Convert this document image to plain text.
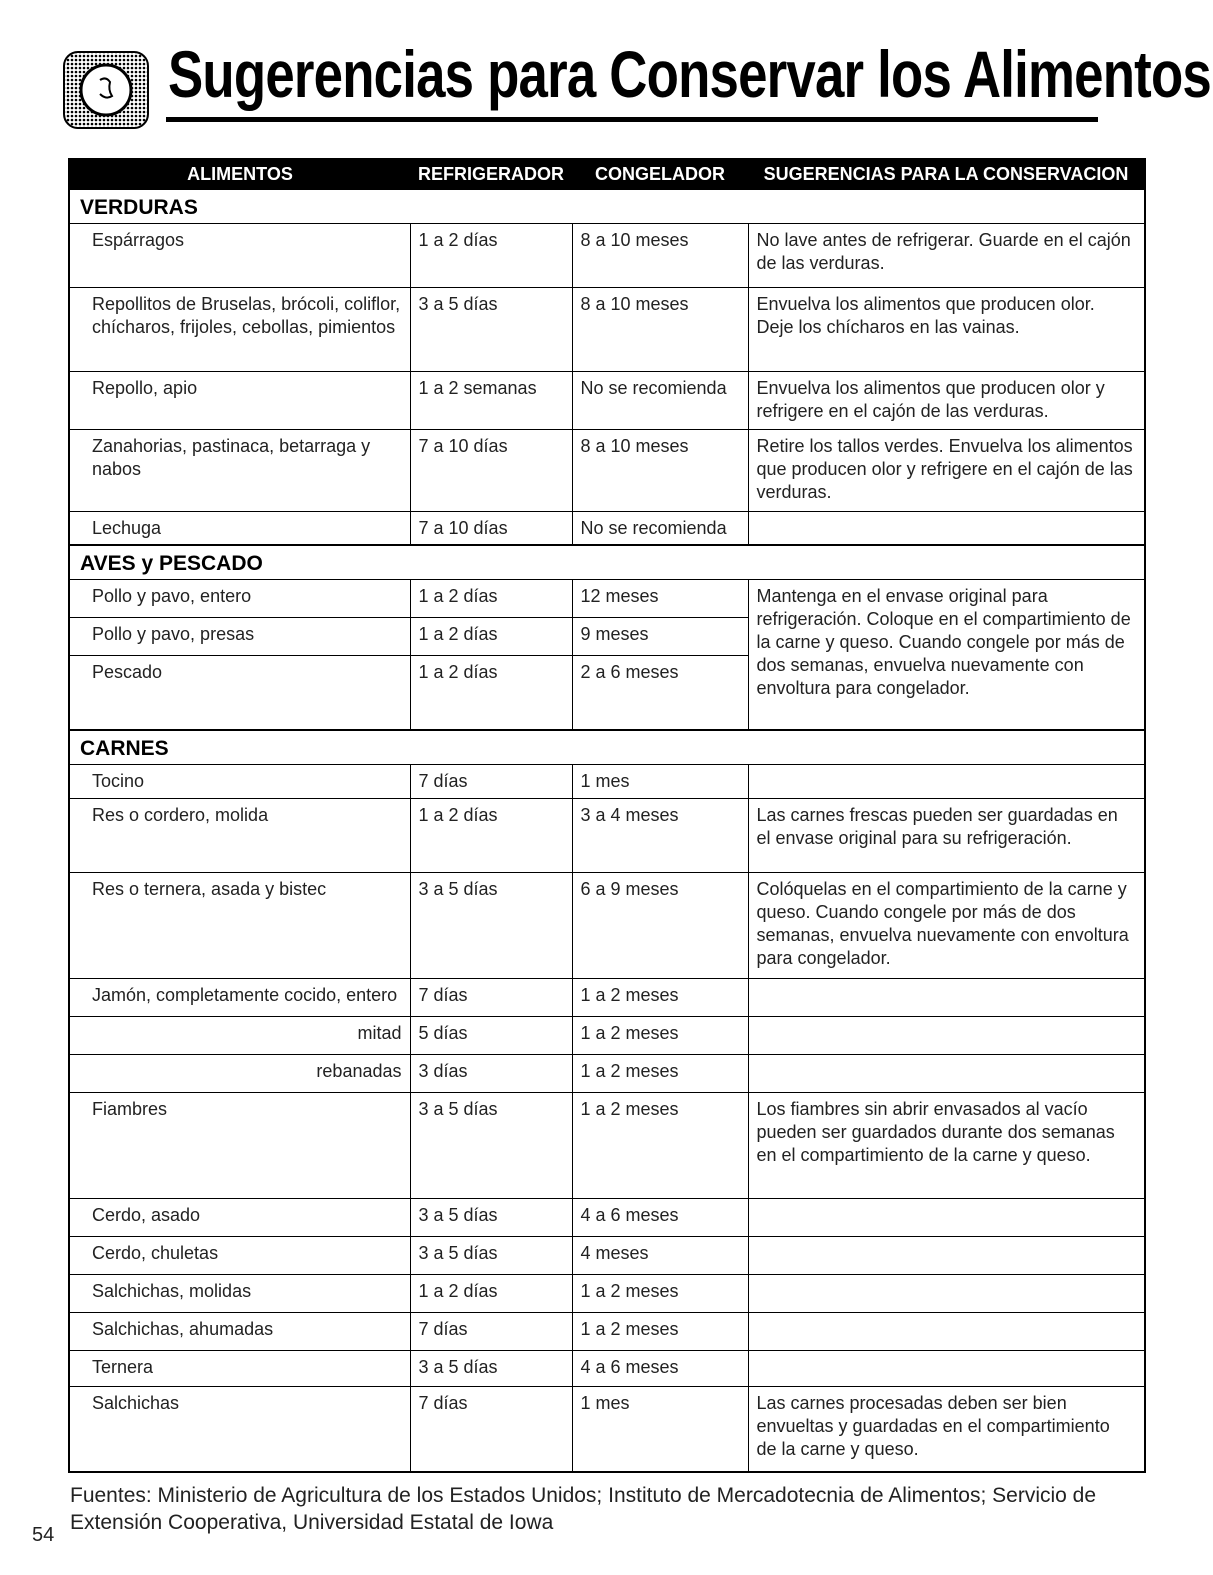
Sugerencias para Conservar los Alimentos
ALIMENTOS	REFRIGERADOR	CONGELADOR	SUGERENCIAS PARA LA CONSERVACION
VERDURAS			
Espárragos	1 a 2 días	8 a 10 meses	No lave antes de refrigerar. Guarde en el cajón de las verduras.
Repollitos de Bruselas, brócoli, coliflor, chícharos, frijoles, cebollas, pimientos	3 a 5 días	8 a 10 meses	Envuelva los alimentos que producen olor. Deje los chícharos en las vainas.
Repollo, apio	1 a 2 semanas	No se recomienda	Envuelva los alimentos que producen olor y refrigere en el cajón de las verduras.
Zanahorias, pastinaca, betarraga y nabos	7 a 10 días	8 a 10 meses	Retire los tallos verdes. Envuelva los alimentos que producen olor y refrigere en el cajón de las verduras.
Lechuga	7 a 10 días	No se recomienda	
AVES y PESCADO			
Pollo y pavo, entero	1 a 2 días	12 meses	Mantenga en el envase original para refrigeración. Coloque en el compartimiento de la carne y queso. Cuando congele por más de dos semanas, envuelva nuevamente con envoltura para congelador.
Pollo y pavo, presas	1 a 2 días	9 meses	
Pescado	1 a 2 días	2 a 6 meses	
CARNES			
Tocino	7 días	1 mes	
Res o cordero, molida	1 a 2 días	3 a 4 meses	Las carnes frescas pueden ser guardadas en el envase original para su refrigeración.
Res o ternera, asada y bistec	3 a 5 días	6 a 9 meses	Colóquelas en el compartimiento de la carne y queso. Cuando congele por más de dos semanas, envuelva nuevamente con envoltura para congelador.
Jamón, completamente cocido, entero	7 días	1 a 2 meses	
mitad	5 días	1 a 2 meses	
rebanadas	3 días	1 a 2 meses	
Fiambres	3 a 5 días	1 a 2 meses	Los fiambres sin abrir envasados al vacío pueden ser guardados durante dos semanas en el compartimiento de la carne y queso.
Cerdo, asado	3 a 5 días	4 a 6 meses	
Cerdo, chuletas	3 a 5 días	4 meses	
Salchichas, molidas	1 a 2 días	1 a 2 meses	
Salchichas, ahumadas	7 días	1 a 2 meses	
Ternera	3 a 5 días	4 a 6 meses	
Salchichas	7 días	1 mes	Las carnes procesadas deben ser bien envueltas y guardadas en el compartimiento de la carne y queso.

Fuentes: Ministerio de Agricultura de los Estados Unidos; Instituto de Mercadotecnia de Alimentos; Servicio de Extensión Cooperativa, Universidad Estatal de Iowa

54
